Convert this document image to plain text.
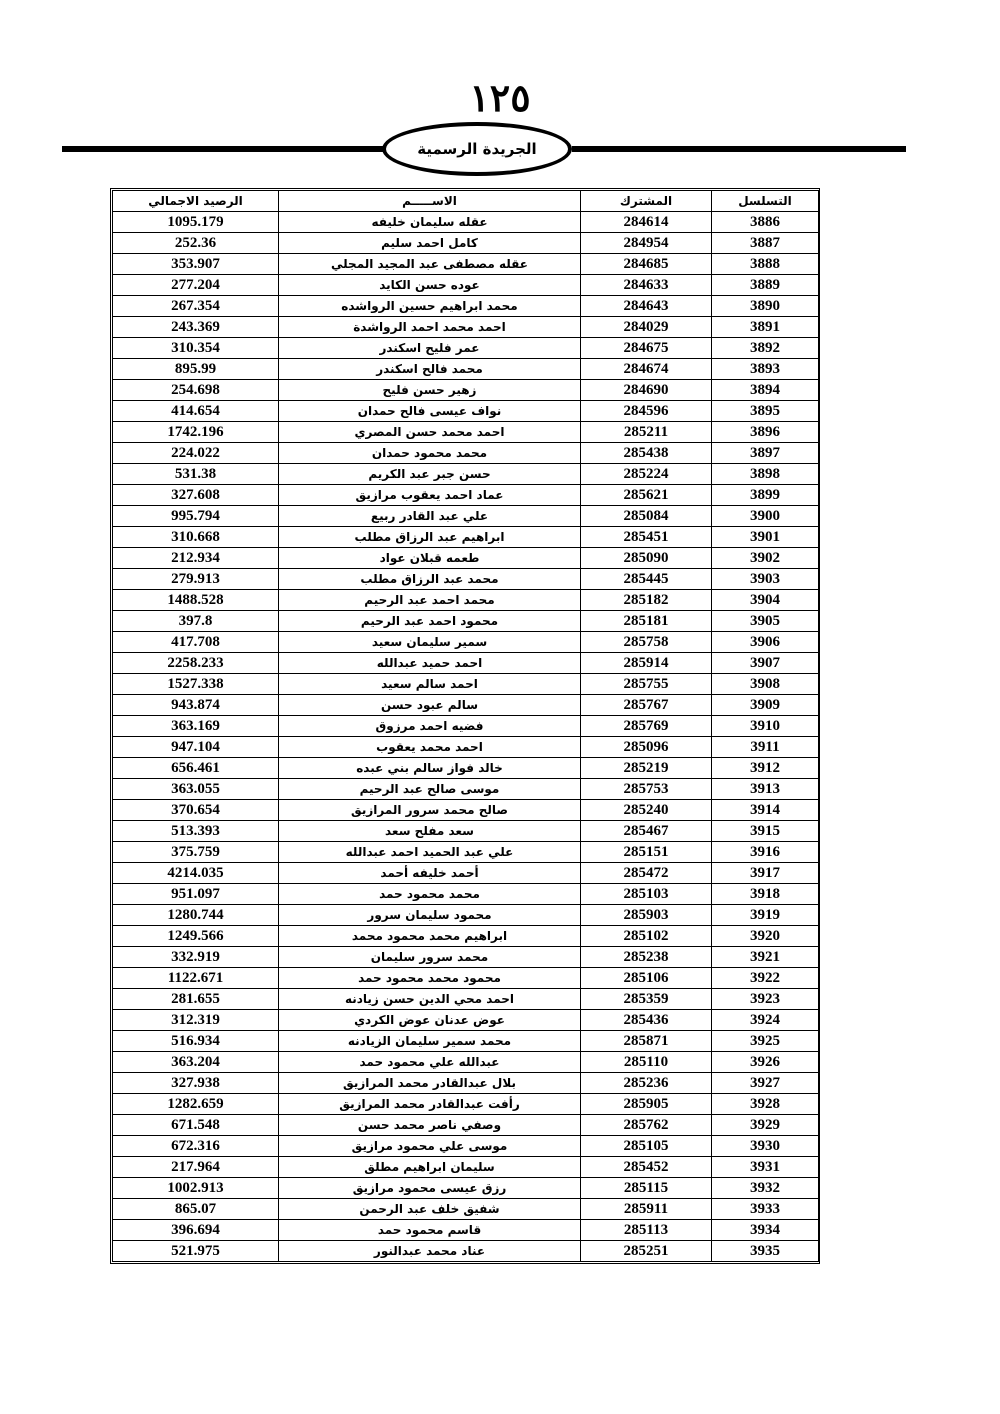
١٢٥
الجريدة الرسمية
التسلسل	المشترك	الاســـــم	الرصيد الاجمالي
3886	284614	عقله سليمان خليفه	1095.179
3887	284954	كامل احمد سليم	252.36
3888	284685	عقله مصطفى عبد المجيد المجلي	353.907
3889	284633	عوده حسن الكايد	277.204
3890	284643	محمد ابراهيم حسين الرواشده	267.354
3891	284029	احمد محمد احمد الرواشدة	243.369
3892	284675	عمر فليح اسكندر	310.354
3893	284674	محمد فالح اسكندر	895.99
3894	284690	زهير حسن فليح	254.698
3895	284596	نواف عيسى فالح حمدان	414.654
3896	285211	احمد محمد حسن المصري	1742.196
3897	285438	محمد محمود حمدان	224.022
3898	285224	حسن جبر عبد الكريم	531.38
3899	285621	عماد احمد يعقوب مرازيق	327.608
3900	285084	علي عبد القادر ربيع	995.794
3901	285451	ابراهيم عبد الرزاق مطلب	310.668
3902	285090	طعمه قبلان عواد	212.934
3903	285445	محمد عبد الرزاق مطلب	279.913
3904	285182	محمد احمد عبد الرحيم	1488.528
3905	285181	محمود احمد عبد الرحيم	397.8
3906	285758	سمير سليمان سعيد	417.708
3907	285914	احمد حميد عبدالله	2258.233
3908	285755	احمد سالم سعيد	1527.338
3909	285767	سالم عبود حسن	943.874
3910	285769	فضيه احمد مرزوق	363.169
3911	285096	احمد محمد يعقوب	947.104
3912	285219	خالد فواز سالم بني عبده	656.461
3913	285753	موسى صالح عبد الرحيم	363.055
3914	285240	صالح محمد سرور المرازيق	370.654
3915	285467	سعد مفلح سعد	513.393
3916	285151	علي عبد الحميد احمد عبدالله	375.759
3917	285472	أحمد خليفه أحمد	4214.035
3918	285103	محمد محمود حمد	951.097
3919	285903	محمود سليمان سرور	1280.744
3920	285102	ابراهيم محمد محمود محمد	1249.566
3921	285238	محمد سرور سليمان	332.919
3922	285106	محمود محمد محمود حمد	1122.671
3923	285359	احمد محي الدين حسن زيادنه	281.655
3924	285436	عوض عدنان عوض الكردي	312.319
3925	285871	محمد سمير سليمان الزيادنه	516.934
3926	285110	عبدالله علي محمود حمد	363.204
3927	285236	بلال عبدالقادر محمد المرازيق	327.938
3928	285905	رأفت عبدالقادر محمد المرازيق	1282.659
3929	285762	وصفي ناصر محمد حسن	671.548
3930	285105	موسى علي محمود مرازيق	672.316
3931	285452	سليمان ابراهيم مطلق	217.964
3932	285115	رزق عيسى محمود مرازيق	1002.913
3933	285911	شفيق خلف عبد الرحمن	865.07
3934	285113	قاسم محمود حمد	396.694
3935	285251	عناد محمد عبدالنور	521.975
